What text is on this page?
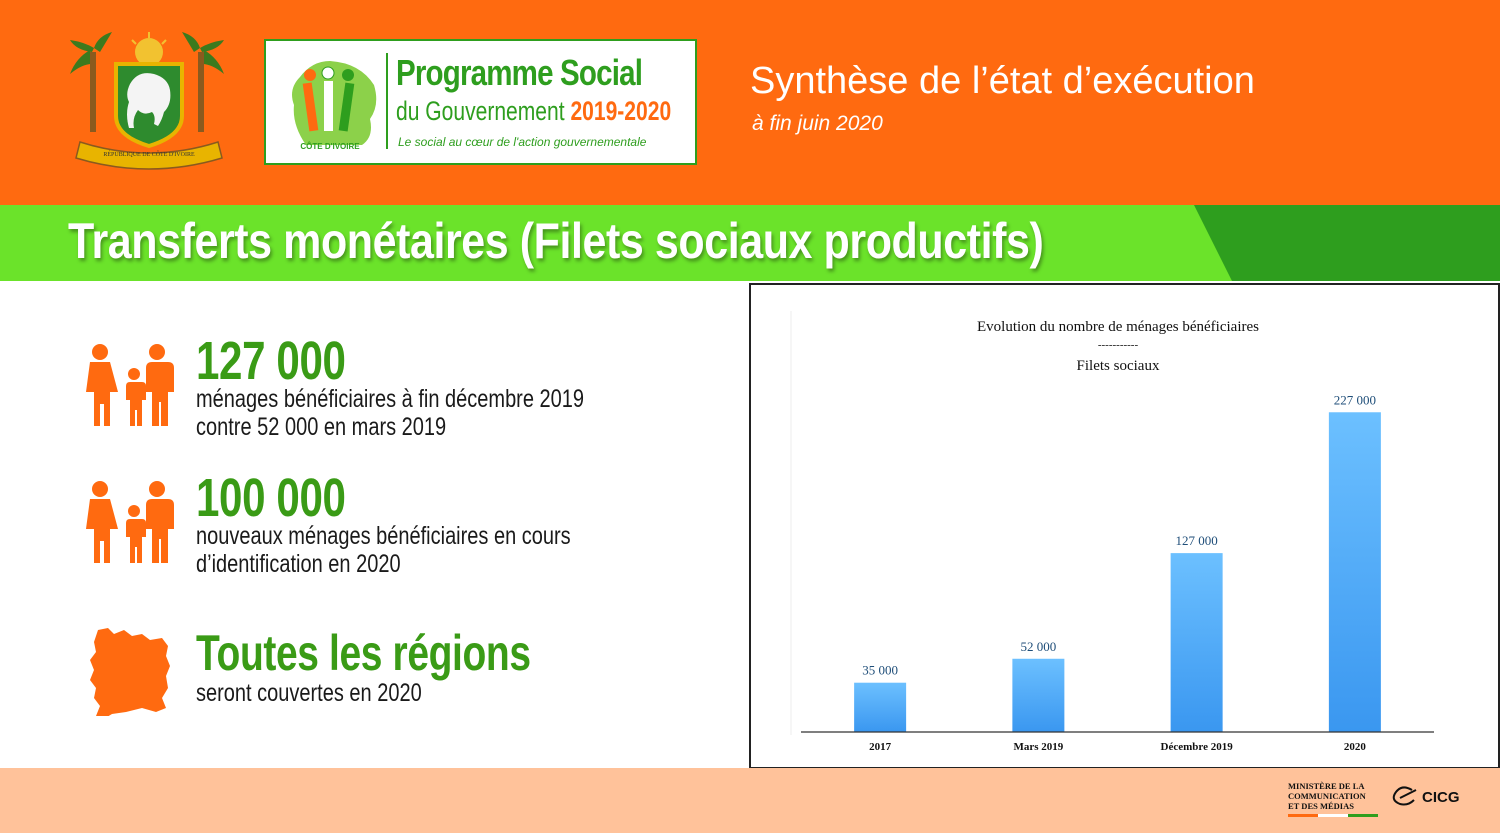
RÉPUBLIQUE DE CÔTE D'IVOIRE
CÔTE D'IVOIRE
Programme Social
du Gouvernement 2019-2020
Le social au cœur de l'action gouvernementale
Synthèse de l’état d’exécution
à fin juin 2020
Transferts monétaires (Filets sociaux productifs)
127 000
ménages bénéficiaires à fin décembre 2019
contre 52 000 en mars 2019
100 000
nouveaux ménages bénéficiaires en cours
d’identification en 2020
Toutes les régions
seront couvertes en 2020
Evolution du nombre de ménages bénéficiaires
-----------
Filets sociaux
35 000
2017
52 000
Mars 2019
127 000
Décembre 2019
227 000
2020
MINISTÈRE DE LA
COMMUNICATION
ET DES MÉDIAS	CICG
